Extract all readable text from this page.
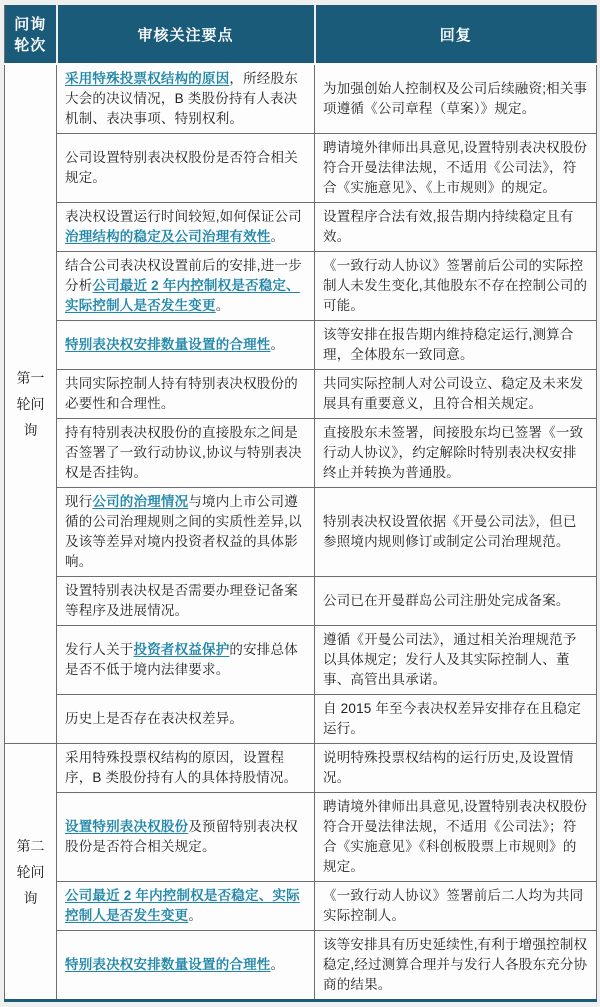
问询轮次	审核关注要点	回复
第一轮问询	采用特殊投票权结构的原因，所经股东大会的决议情况，B 类股份持有人表决机制、表决事项、特别权利。	为加强创始人控制权及公司后续融资;相关事项遵循《公司章程（草案）》规定。
	公司设置特别表决权股份是否符合相关规定。	聘请境外律师出具意见,设置特别表决权股份符合开曼法律法规，不适用《公司法》，符合《实施意见》、《上市规则》的规定。
	表决权设置运行时间较短,如何保证公司治理结构的稳定及公司治理有效性。	设置程序合法有效,报告期内持续稳定且有效。
	结合公司表决权设置前后的安排,进一步分析公司最近 2 年内控制权是否稳定、实际控制人是否发生变更。	《一致行动人协议》签署前后公司的实际控制人未发生变化,其他股东不存在控制公司的可能。
	特别表决权安排数量设置的合理性。	该等安排在报告期内维持稳定运行,测算合理，全体股东一致同意。
	共同实际控制人持有特别表决权股份的必要性和合理性。	共同实际控制人对公司设立、稳定及未来发展具有重要意义，且符合相关规定。
	持有特别表决权股份的直接股东之间是否签署了一致行动协议,协议与特别表决权是否挂钩。	直接股东未签署，间接股东均已签署《一致行动人协议》，约定解除时特别表决权安排终止并转换为普通股。
	现行公司的治理情况与境内上市公司遵循的公司治理规则之间的实质性差异,以及该等差异对境内投资者权益的具体影响。	特别表决权设置依据《开曼公司法》，但已参照境内规则修订或制定公司治理规范。
	设置特别表决权是否需要办理登记备案等程序及进展情况。	公司已在开曼群岛公司注册处完成备案。
	发行人关于投资者权益保护的安排总体是否不低于境内法律要求。	遵循《开曼公司法》，通过相关治理规范予以具体规定；发行人及其实际控制人、董事、高管出具承诺。
	历史上是否存在表决权差异。	自 2015 年至今表决权差异安排存在且稳定运行。
第二轮问询	采用特殊投票权结构的原因，设置程序，B 类股份持有人的具体持股情况。	说明特殊投票权结构的运行历史,及设置情况。
	设置特别表决权股份及预留特别表决权股份是否符合相关规定。	聘请境外律师出具意见,设置特别表决权股份符合开曼法律法规，不适用《公司法》；符合《实施意见》《科创板股票上市规则》的规定。
	公司最近 2 年内控制权是否稳定、实际控制人是否发生变更。	《一致行动人协议》签署前后二人均为共同实际控制人。
	特别表决权安排数量设置的合理性。	该等安排具有历史延续性,有利于增强控制权稳定,经过测算合理并与发行人各股东充分协商的结果。
